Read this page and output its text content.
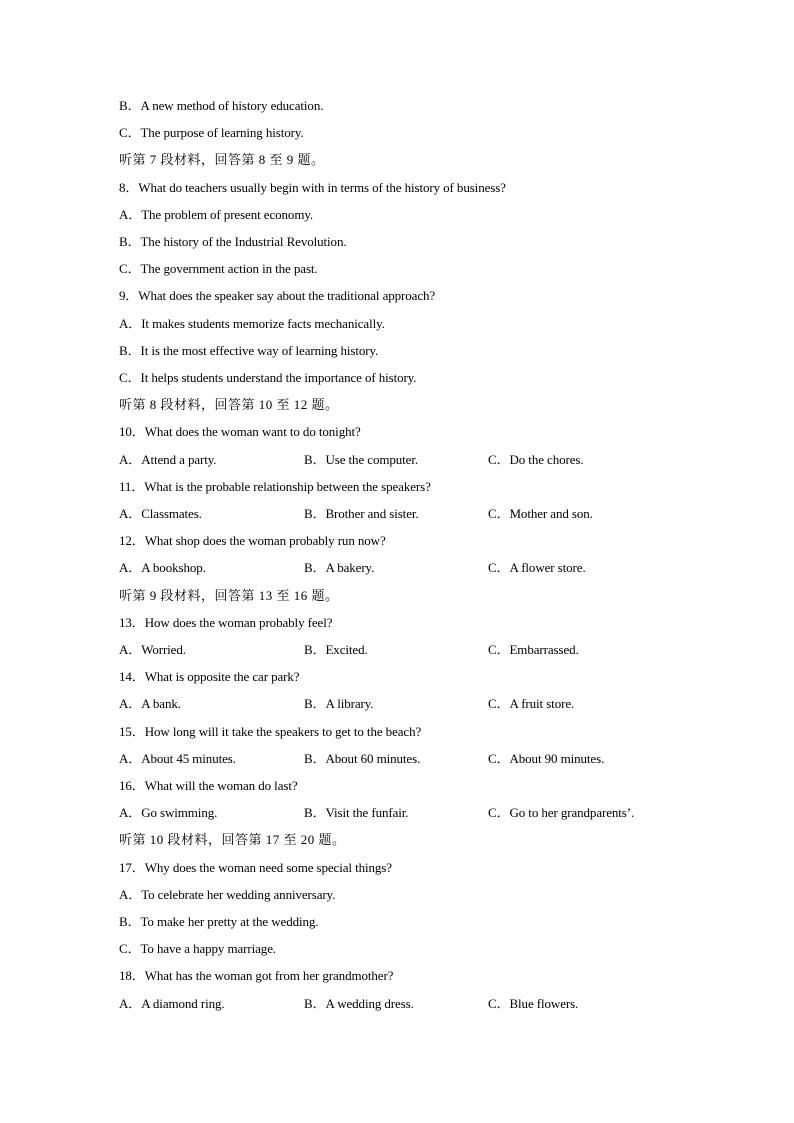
B．A new method of history education.
C．The purpose of learning history.
听第 7 段材料，回答第 8 至 9 题。
8．What do teachers usually begin with in terms of the history of business?
A．The problem of present economy.
B．The history of the Industrial Revolution.
C．The government action in the past.
9．What does the speaker say about the traditional approach?
A．It makes students memorize facts mechanically.
B．It is the most effective way of learning history.
C．It helps students understand the importance of history.
听第 8 段材料，回答第 10 至 12 题。
10．What does the woman want to do tonight?
A．Attend a party.	B．Use the computer.	C．Do the chores.
11．What is the probable relationship between the speakers?
A．Classmates.	B．Brother and sister.	C．Mother and son.
12．What shop does the woman probably run now?
A．A bookshop.	B．A bakery.	C．A flower store.
听第 9 段材料，回答第 13 至 16 题。
13．How does the woman probably feel?
A．Worried.	B．Excited.	C．Embarrassed.
14．What is opposite the car park?
A．A bank.	B．A library.	C．A fruit store.
15．How long will it take the speakers to get to the beach?
A．About 45 minutes.	B．About 60 minutes.	C．About 90 minutes.
16．What will the woman do last?
A．Go swimming.	B．Visit the funfair.	C．Go to her grandparents’.
听第 10 段材料，回答第 17 至 20 题。
17．Why does the woman need some special things?
A．To celebrate her wedding anniversary.
B．To make her pretty at the wedding.
C．To have a happy marriage.
18．What has the woman got from her grandmother?
A．A diamond ring.	B．A wedding dress.	C．Blue flowers.
